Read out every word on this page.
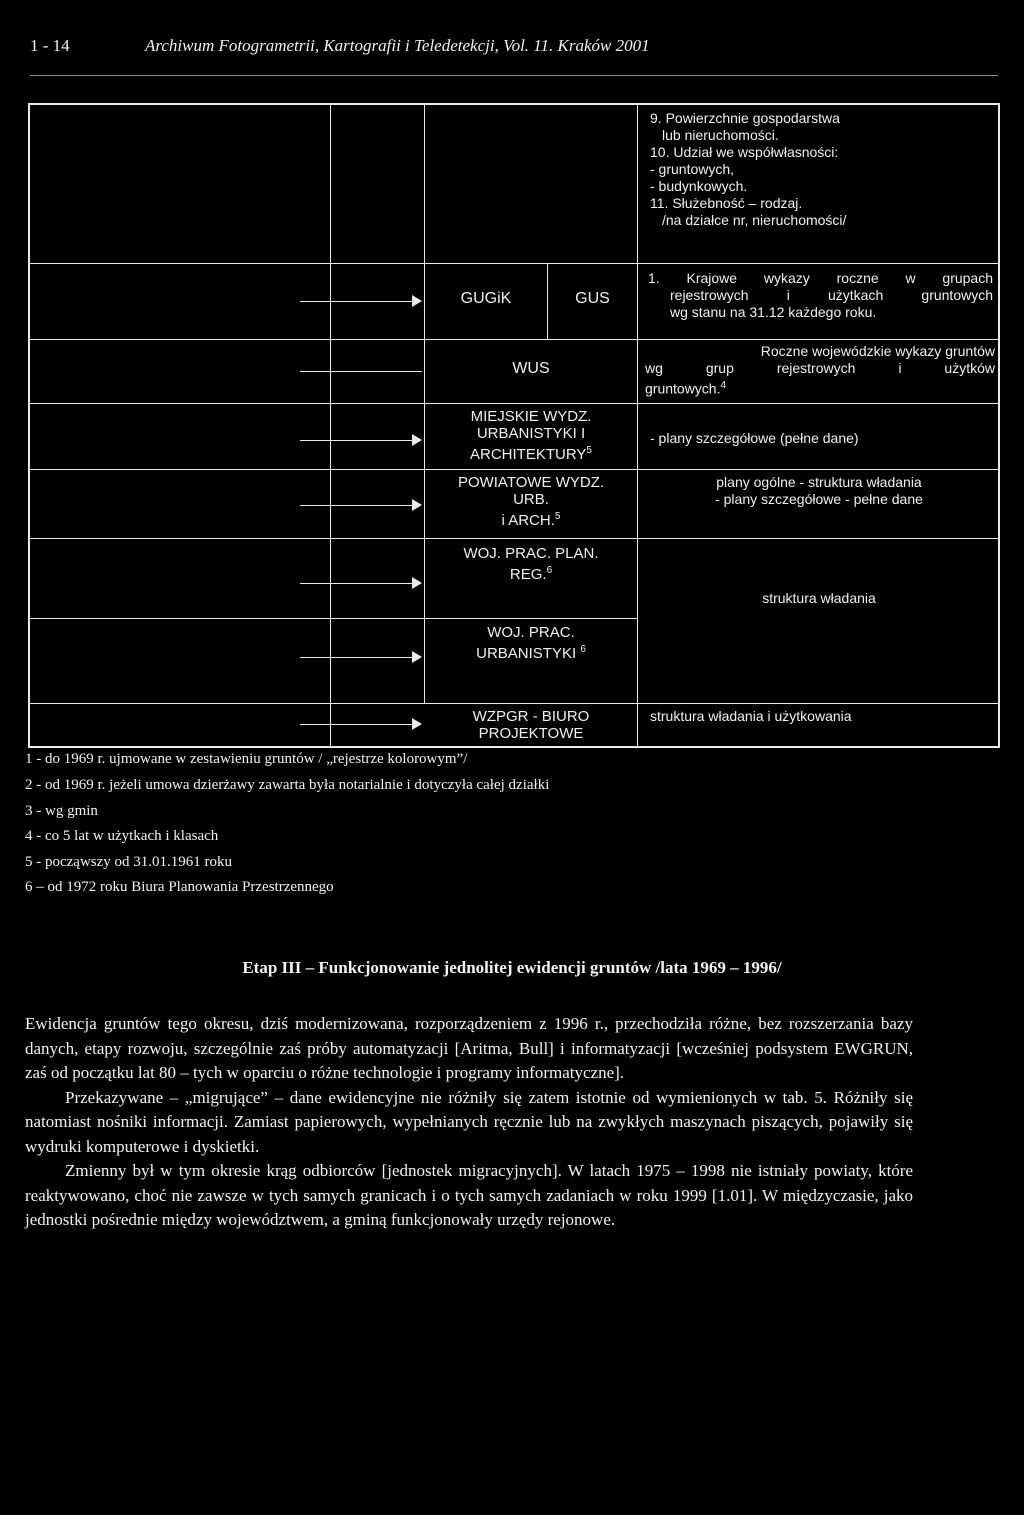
1 - 14	Archiwum Fotogrametrii, Kartografii i Teledetekcji, Vol. 11. Kraków 2001
9. Powierzchnie gospodarstwa
lub nieruchomości.
10. Udział we współwłasności:
- gruntowych,
- budynkowych.
11. Służebność – rodzaj.
/na działce nr, nieruchomości/
GUGiK	GUS
1. Krajowe wykazy roczne w grupach
rejestrowych i użytkach gruntowych
wg stanu na 31.12 każdego roku.
WUS
Roczne wojewódzkie wykazy gruntów
wg grup rejestrowych i użytków
gruntowych.$^4$
MIEJSKIE WYDZ.
URBANISTYKI I
ARCHITEKTURY$^5$
- plany szczegółowe (pełne dane)
POWIATOWE WYDZ.
URB.
i ARCH.$^5$
plany ogólne - struktura władania
- plany szczegółowe - pełne dane
WOJ. PRAC. PLAN.
REG.$^6$
struktura władania
WOJ. PRAC.
URBANISTYKI $^6$
WZPGR - BIURO
PROJEKTOWE
struktura władania i użytkowania
1 - do 1969 r. ujmowane w zestawieniu gruntów / „rejestrze kolorowym”/
2 - od 1969 r. jeżeli umowa dzierżawy zawarta była notarialnie i dotyczyła całej działki
3 - wg gmin
4 - co 5 lat w użytkach i klasach
5 - począwszy od 31.01.1961 roku
6 – od 1972 roku Biura Planowania Przestrzennego
Etap III – Funkcjonowanie jednolitej ewidencji gruntów /lata 1969 – 1996/

Ewidencja gruntów tego okresu, dziś modernizowana, rozporządzeniem z 1996 r., przechodziła różne, bez rozszerzania bazy danych, etapy rozwoju, szczególnie zaś próby automatyzacji [Aritma, Bull] i informatyzacji [wcześniej podsystem EWGRUN, zaś od początku lat 80 – tych w oparciu o różne technologie i programy informatyczne].

Przekazywane – „migrujące” – dane ewidencyjne nie różniły się zatem istotnie od wymienionych w tab. 5. Różniły się natomiast nośniki informacji. Zamiast papierowych, wypełnianych ręcznie lub na zwykłych maszynach piszących, pojawiły się wydruki komputerowe i dyskietki.

Zmienny był w tym okresie krąg odbiorców [jednostek migracyjnych]. W latach 1975 – 1998 nie istniały powiaty, które reaktywowano, choć nie zawsze w tych samych granicach i o tych samych zadaniach w roku 1999 [1.01]. W międzyczasie, jako jednostki pośrednie między województwem, a gminą funkcjonowały urzędy rejonowe.
